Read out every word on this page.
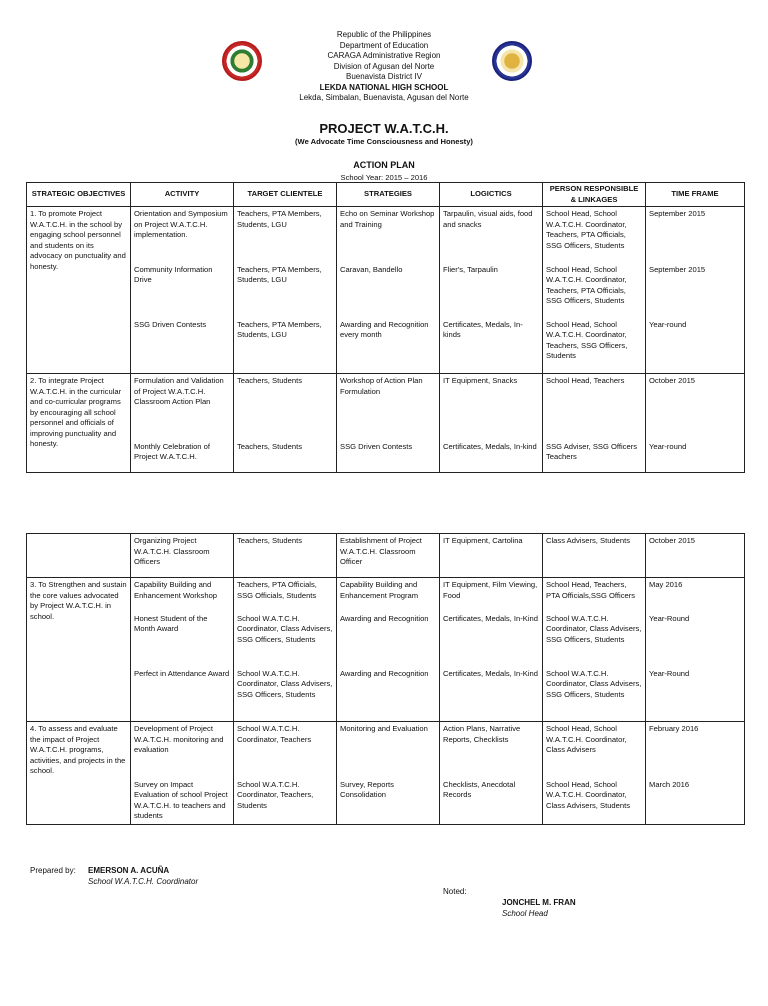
Republic of the Philippines
Department of Education
CARAGA Administrative Region
Division of Agusan del Norte
Buenavista District IV
LEKDA NATIONAL HIGH SCHOOL
Lekda, Simbalan, Buenavista, Agusan del Norte
PROJECT W.A.T.C.H.
(We Advocate Time Consciousness and Honesty)
ACTION PLAN
School Year: 2015 – 2016
STRATEGIC OBJECTIVES	ACTIVITY	TARGET CLIENTELE	STRATEGIES	LOGICTICS	PERSON RESPONSIBLE & LINKAGES	TIME FRAME
1. To promote Project W.A.T.C.H. in the school by engaging school personnel and students on its advocacy on punctuality and honesty.	Orientation and Symposium on Project W.A.T.C.H. implementation.	Teachers, PTA Members, Students, LGU	Echo on Seminar Workshop and Training	Tarpaulin, visual aids, food and snacks	School Head, School W.A.T.C.H. Coordinator, Teachers, PTA Officials, SSG Officers, Students	September 2015
	Community Information Drive	Teachers, PTA Members, Students, LGU	Caravan, Bandello	Flier's, Tarpaulin	School Head, School W.A.T.C.H. Coordinator, Teachers, PTA Officials, SSG Officers, Students	September 2015
	SSG Driven Contests	Teachers, PTA Members, Students, LGU	Awarding and Recognition every month	Certificates, Medals, In-kinds	School Head, School W.A.T.C.H. Coordinator, Teachers, SSG Officers, Students	Year-round
2. To integrate Project W.A.T.C.H. in the curricular and co-curricular programs by encouraging all school personnel and officials of improving punctuality and honesty.	Formulation and Validation of Project W.A.T.C.H. Classroom Action Plan	Teachers, Students	Workshop of Action Plan Formulation	IT Equipment, Snacks	School Head, Teachers	October 2015
	Monthly Celebration of Project W.A.T.C.H.	Teachers, Students	SSG Driven Contests	Certificates, Medals, In-kind	SSG Adviser, SSG Officers Teachers	Year-round
	Organizing Project W.A.T.C.H. Classroom Officers	Teachers, Students	Establishment of Project W.A.T.C.H. Classroom Officer	IT Equipment, Cartolina	Class Advisers, Students	October 2015
3. To Strengthen and sustain the core values advocated by Project W.A.T.C.H. in school.	Capability Building and Enhancement Workshop	Teachers, PTA Officials, SSG Officials, Students	Capability Building and Enhancement Program	IT Equipment, Film Viewing, Food	School Head, Teachers, PTA Officials,SSG Officers	May 2016
	Honest Student of the Month Award	School W.A.T.C.H. Coordinator, Class Advisers, SSG Officers, Students	Awarding and Recognition	Certificates, Medals, In-Kind	School W.A.T.C.H. Coordinator, Class Advisers, SSG Officers, Students	Year-Round
	Perfect in Attendance Award	School W.A.T.C.H. Coordinator, Class Advisers, SSG Officers, Students	Awarding and Recognition	Certificates, Medals, In-Kind	School W.A.T.C.H. Coordinator, Class Advisers, SSG Officers, Students	Year-Round
4. To assess and evaluate the impact of Project W.A.T.C.H. programs, activities, and projects in the school.	Development of Project W.A.T.C.H. monitoring and evaluation	School W.A.T.C.H. Coordinator, Teachers	Monitoring and Evaluation	Action Plans, Narrative Reports, Checklists	School Head, School W.A.T.C.H. Coordinator, Class Advisers	February 2016
	Survey on Impact Evaluation of school Project W.A.T.C.H. to teachers and students	School W.A.T.C.H. Coordinator, Teachers, Students	Survey, Reports Consolidation	Checklists, Anecdotal Records	School Head, School W.A.T.C.H. Coordinator, Class Advisers, Students	March 2016
Prepared by: EMERSON A. ACUÑA
School W.A.T.C.H. Coordinator
Noted:
JONCHEL M. FRAN
School Head
